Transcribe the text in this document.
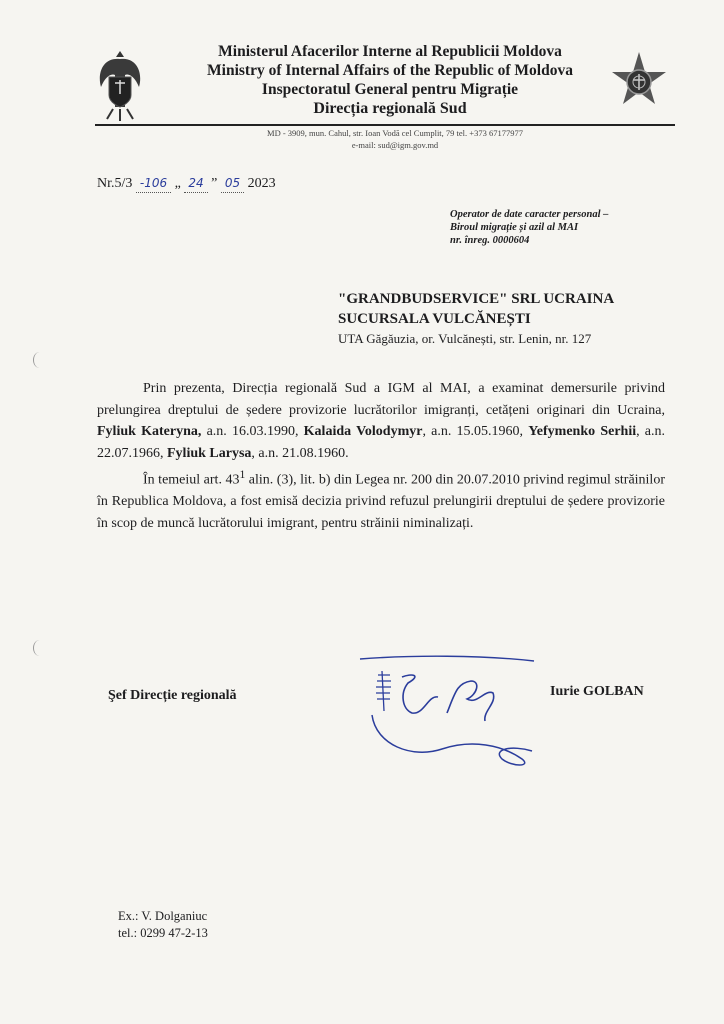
Ministerul Afacerilor Interne al Republicii Moldova
Ministry of Internal Affairs of the Republic of Moldova
Inspectoratul General pentru Migrație
Direcția regională Sud
MD - 3909, mun. Cahul, str. Ioan Vodă cel Cumplit, 79 tel. +373 67177977
e-mail: sud@igm.gov.md
Nr.5/3 -106 „ 24 ” 05 2023
Operator de date caracter personal –
Biroul migrație și azil al MAI
nr. înreg. 0000604
"GRANDBUDSERVICE" SRL UCRAINA
SUCURSALA VULCĂNEȘTI
UTA Găgăuzia, or. Vulcănești, str. Lenin, nr. 127

Prin prezenta, Direcția regională Sud a IGM al MAI, a examinat demersurile privind prelungirea dreptului de ședere provizorie lucrătorilor imigranți, cetățeni originari din Ucraina, Fyliuk Kateryna, a.n. 16.03.1990, Kalaida Volodymyr, a.n. 15.05.1960, Yefymenko Serhii, a.n. 22.07.1966, Fyliuk Larysa, a.n. 21.08.1960.

În temeiul art. $43^1$ alin. (3), lit. b) din Legea nr. 200 din 20.07.2010 privind regimul străinilor în Republica Moldova, a fost emisă decizia privind refuzul prelungirii dreptului de ședere provizorie în scop de muncă lucrătorului imigrant, pentru străinii niminalizați.

Şef Direcție regională	Iurie GOLBAN
Ex.: V. Dolganiuc
tel.: 0299 47-2-13
